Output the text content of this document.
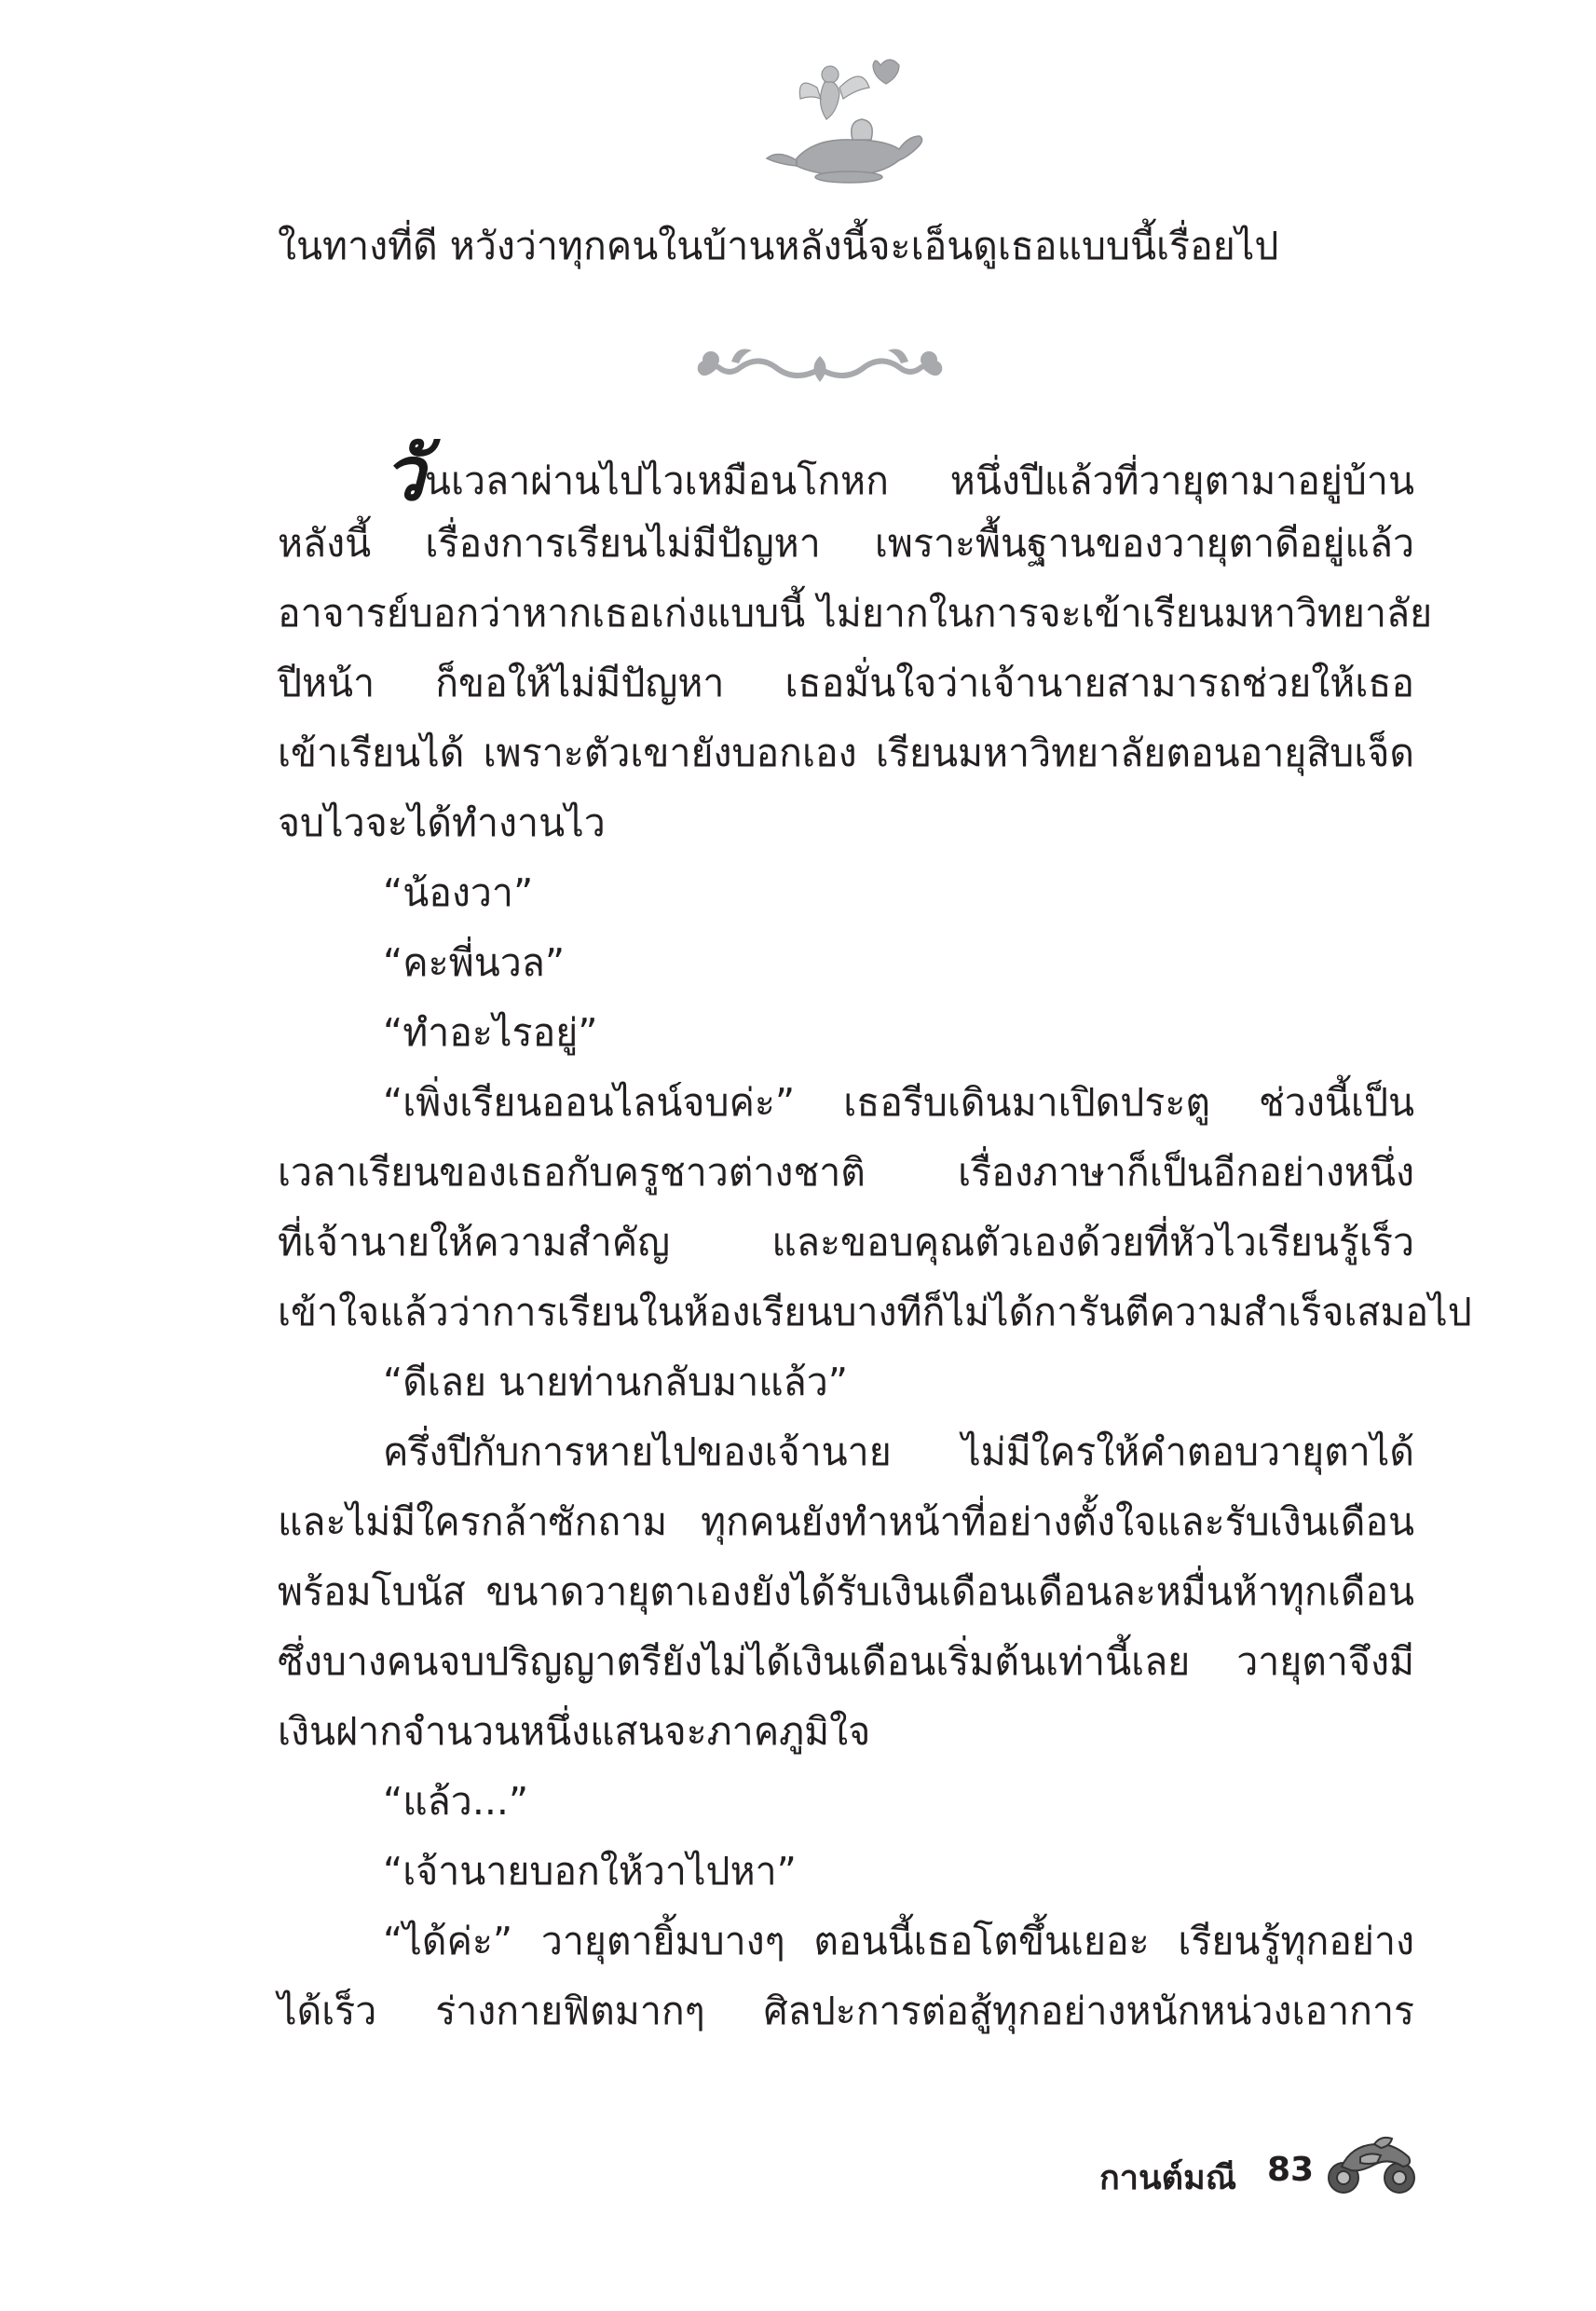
ในทางที่ดี หวังว่าทุกคนในบ้านหลังนี้จะเอ็นดูเธอแบบนี้เรื่อยไป
วันเวลาผ่านไปไวเหมือนโกหก หนึ่งปีแล้วที่วายุตามาอยู่บ้าน
หลังนี้ เรื่องการเรียนไม่มีปัญหา เพราะพื้นฐานของวายุตาดีอยู่แล้ว
อาจารย์บอกว่าหากเธอเก่งแบบนี้ ไม่ยากในการจะเข้าเรียนมหาวิทยาลัย
ปีหน้า ก็ขอให้ไม่มีปัญหา เธอมั่นใจว่าเจ้านายสามารถช่วยให้เธอ
เข้าเรียนได้ เพราะตัวเขายังบอกเอง เรียนมหาวิทยาลัยตอนอายุสิบเจ็ด
จบไวจะได้ทำงานไว
“น้องวา”
“คะพี่นวล”
“ทำอะไรอยู่”
“เพิ่งเรียนออนไลน์จบค่ะ” เธอรีบเดินมาเปิดประตู ช่วงนี้เป็น
เวลาเรียนของเธอกับครูชาวต่างชาติ เรื่องภาษาก็เป็นอีกอย่างหนึ่ง
ที่เจ้านายให้ความสำคัญ และขอบคุณตัวเองด้วยที่หัวไวเรียนรู้เร็ว
เข้าใจแล้วว่าการเรียนในห้องเรียนบางทีก็ไม่ได้การันตีความสำเร็จเสมอไป
“ดีเลย นายท่านกลับมาแล้ว”
ครึ่งปีกับการหายไปของเจ้านาย ไม่มีใครให้คำตอบวายุตาได้
และไม่มีใครกล้าซักถาม ทุกคนยังทำหน้าที่อย่างตั้งใจและรับเงินเดือน
พร้อมโบนัส ขนาดวายุตาเองยังได้รับเงินเดือนเดือนละหมื่นห้าทุกเดือน
ซึ่งบางคนจบปริญญาตรียังไม่ได้เงินเดือนเริ่มต้นเท่านี้เลย วายุตาจึงมี
เงินฝากจำนวนหนึ่งแสนจะภาคภูมิใจ
“แล้ว...”
“เจ้านายบอกให้วาไปหา”
“ได้ค่ะ” วายุตายิ้มบางๆ ตอนนี้เธอโตขึ้นเยอะ เรียนรู้ทุกอย่าง
ได้เร็ว ร่างกายฟิตมากๆ ศิลปะการต่อสู้ทุกอย่างหนักหน่วงเอาการ
กานต์มณี 83
